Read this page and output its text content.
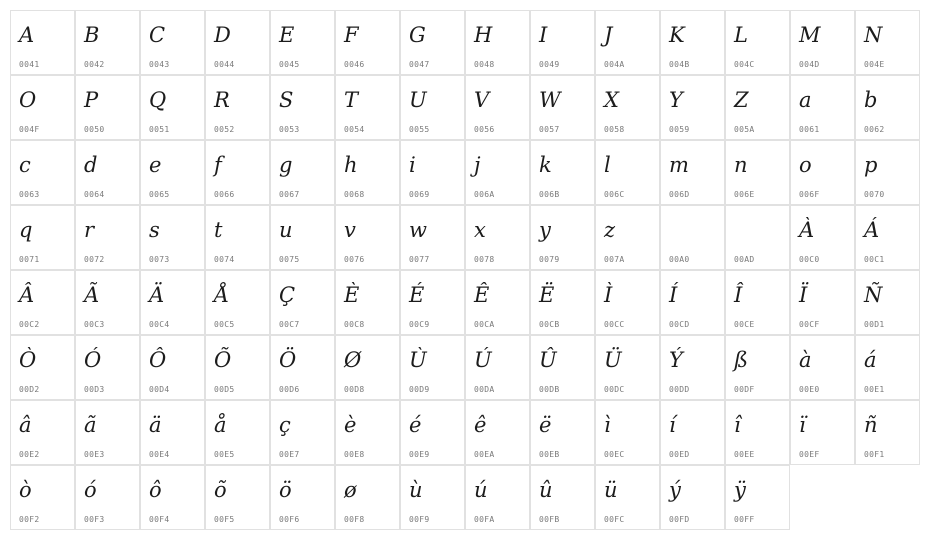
A
0041
B
0042
C
0043
D
0044
E
0045
F
0046
G
0047
H
0048
I
0049
J
004A
K
004B
L
004C
M
004D
N
004E
O
004F
P
0050
Q
0051
R
0052
S
0053
T
0054
U
0055
V
0056
W
0057
X
0058
Y
0059
Z
005A
a
0061
b
0062
c
0063
d
0064
e
0065
f
0066
g
0067
h
0068
i
0069
j
006A
k
006B
l
006C
m
006D
n
006E
o
006F
p
0070
q
0071
r
0072
s
0073
t
0074
u
0075
v
0076
w
0077
x
0078
y
0079
z
007A	00A0	00AD
À
00C0
Á
00C1
Â
00C2
Ã
00C3
Ä
00C4
Å
00C5
Ç
00C7
È
00C8
É
00C9
Ê
00CA
Ë
00CB
Ì
00CC
Í
00CD
Î
00CE
Ï
00CF
Ñ
00D1
Ò
00D2
Ó
00D3
Ô
00D4
Õ
00D5
Ö
00D6
Ø
00D8
Ù
00D9
Ú
00DA
Û
00DB
Ü
00DC
Ý
00DD
ß
00DF
à
00E0
á
00E1
â
00E2
ã
00E3
ä
00E4
å
00E5
ç
00E7
è
00E8
é
00E9
ê
00EA
ë
00EB
ì
00EC
í
00ED
î
00EE
ï
00EF
ñ
00F1
ò
00F2
ó
00F3
ô
00F4
õ
00F5
ö
00F6
ø
00F8
ù
00F9
ú
00FA
û
00FB
ü
00FC
ý
00FD
ÿ
00FF
